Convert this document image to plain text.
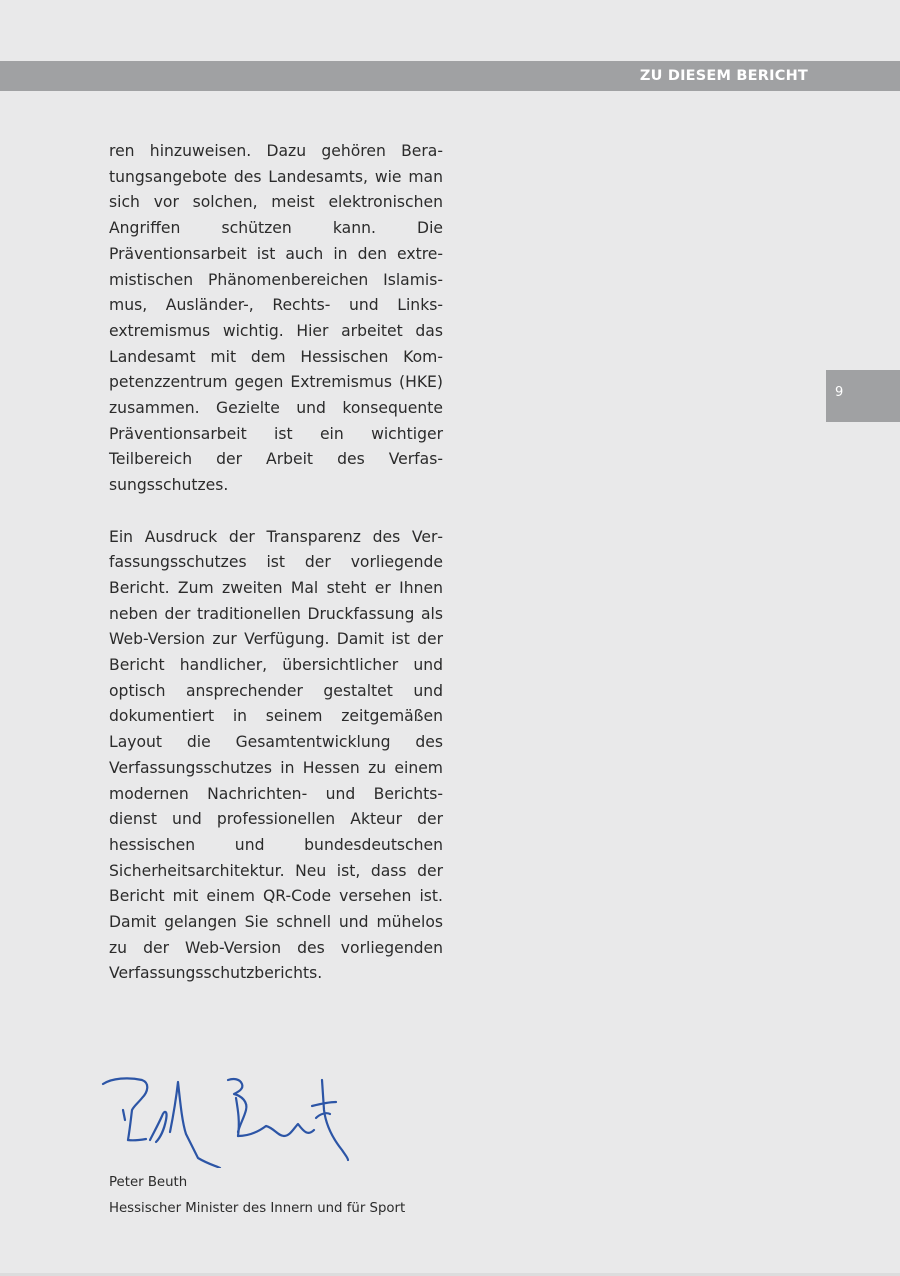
ZU DIESEM BERICHT
9

ren hinzuweisen. Dazu gehören Beratungsangebote des Landesamts, wie man sich vor solchen, meist elektronischen Angriffen schützen kann. Die Präventionsarbeit ist auch in den extremistischen Phänomenbereichen Islamismus, Ausländer-, Rechts- und Linksextremismus wichtig. Hier arbeitet das Landesamt mit dem Hessischen Kompetenzzentrum gegen Extremismus (HKE) zusammen. Gezielte und konsequente Präventionsarbeit ist ein wichtiger Teilbereich der Arbeit des Verfassungsschutzes.

Ein Ausdruck der Transparenz des Verfassungsschutzes ist der vorliegende Bericht. Zum zweiten Mal steht er Ihnen neben der traditionellen Druckfassung als Web-Version zur Verfügung. Damit ist der Bericht handlicher, übersichtlicher und optisch ansprechender gestaltet und dokumentiert in seinem zeitgemäßen Layout die Gesamtentwicklung des Verfassungsschutzes in Hessen zu einem modernen Nachrichten- und Berichtsdienst und professionellen Akteur der hessischen und bundesdeutschen Sicherheitsarchitektur. Neu ist, dass der Bericht mit einem QR-Code versehen ist. Damit gelangen Sie schnell und mühelos zu der Web-Version des vorliegenden Verfassungsschutzberichts.

Peter Beuth
Hessischer Minister des Innern und für Sport
